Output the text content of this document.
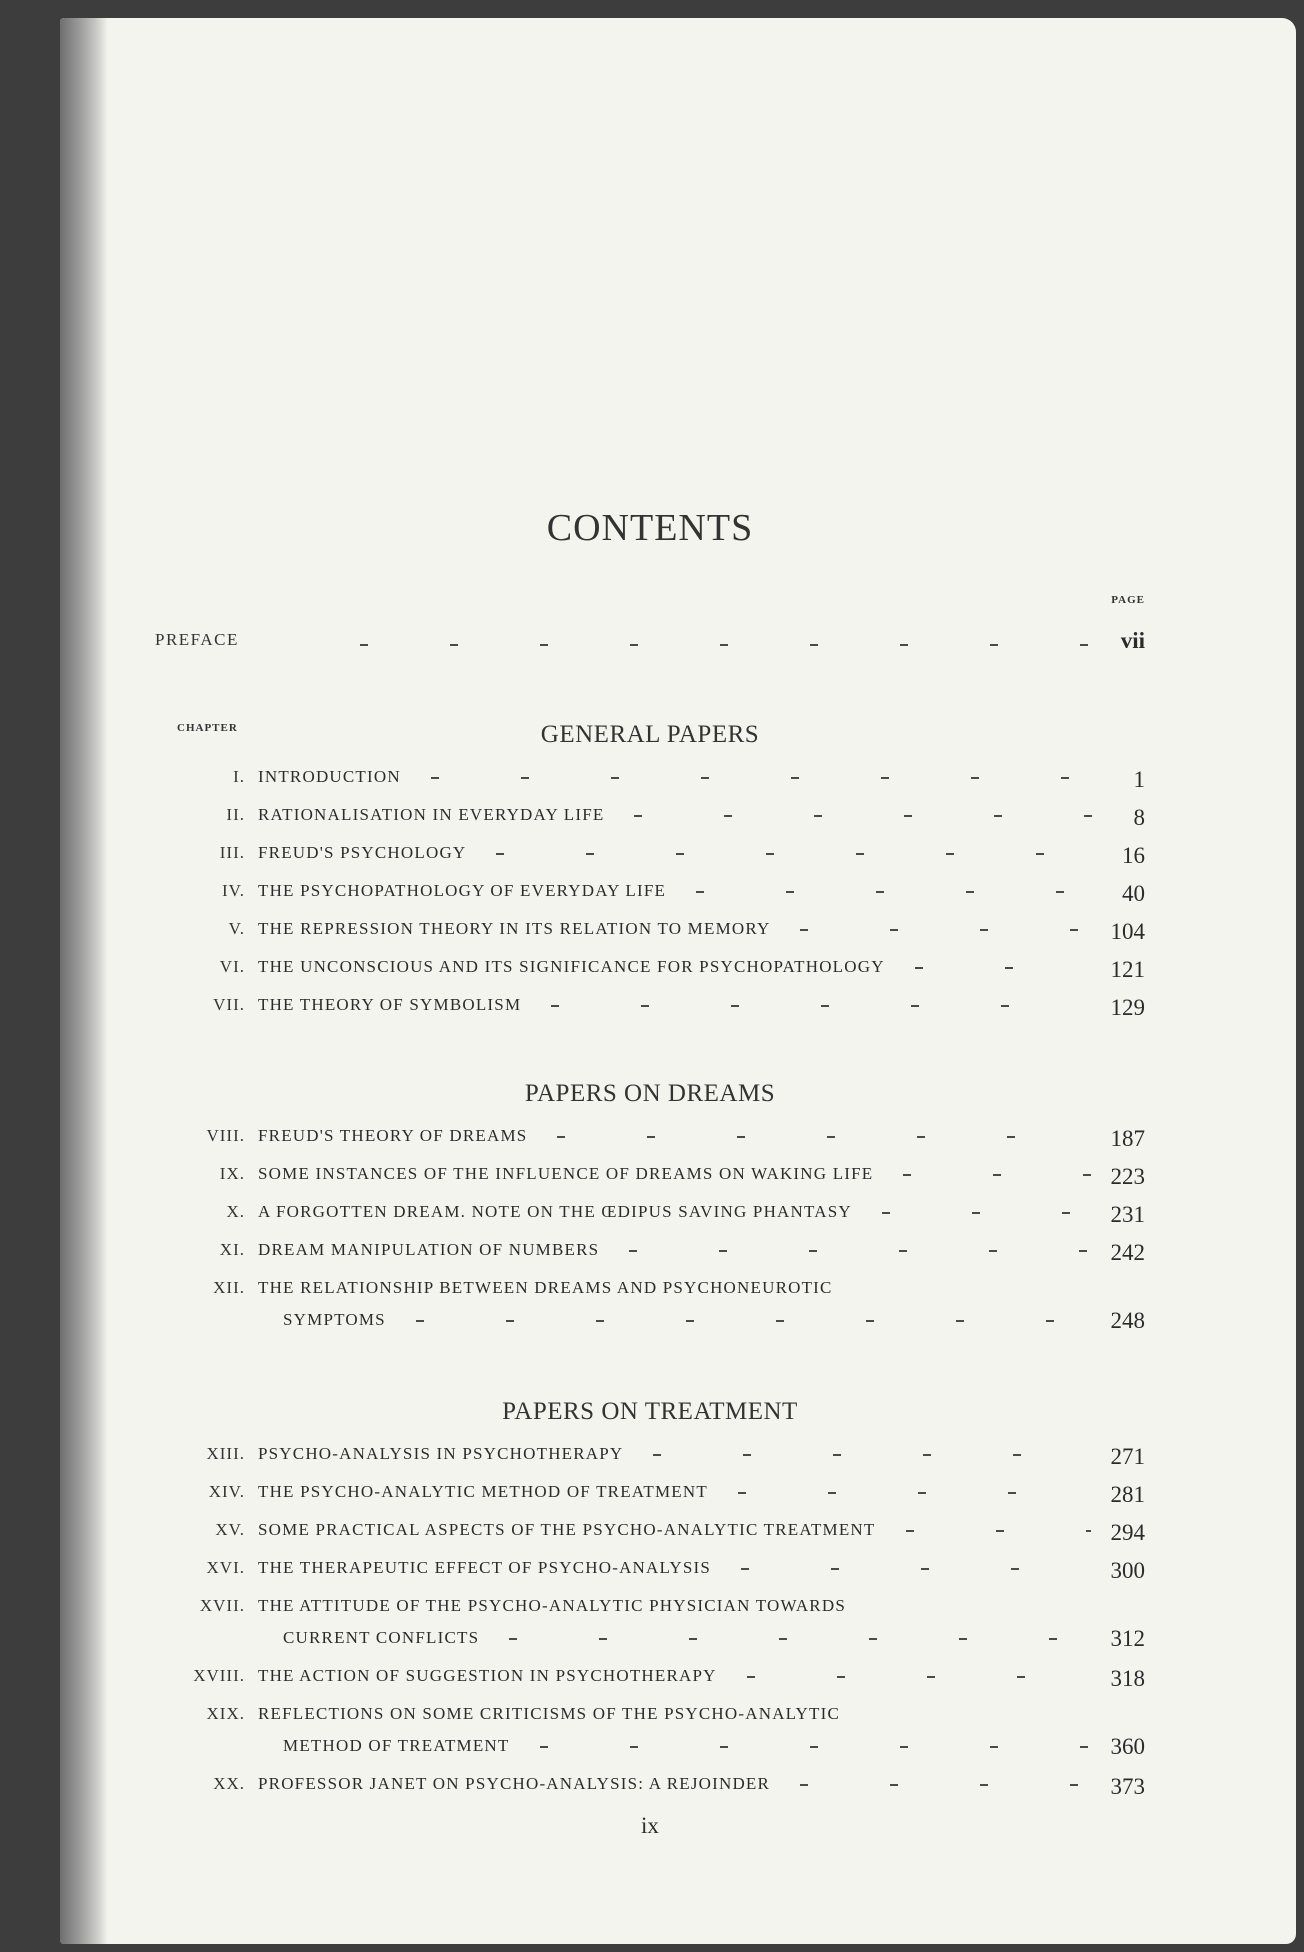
CONTENTS
PAGE
PREFACE	vii
CHAPTER	GENERAL PAPERS
I. INTRODUCTION	1
II. RATIONALISATION IN EVERYDAY LIFE	8
III. FREUD'S PSYCHOLOGY	16
IV. THE PSYCHOPATHOLOGY OF EVERYDAY LIFE	40
V. THE REPRESSION THEORY IN ITS RELATION TO MEMORY	104
VI. THE UNCONSCIOUS AND ITS SIGNIFICANCE FOR PSYCHOPATHOLOGY	121
VII. THE THEORY OF SYMBOLISM	129
PAPERS ON DREAMS
VIII. FREUD'S THEORY OF DREAMS	187
IX. SOME INSTANCES OF THE INFLUENCE OF DREAMS ON WAKING LIFE	223
X. A FORGOTTEN DREAM. NOTE ON THE ŒDIPUS SAVING PHANTASY	231
XI. DREAM MANIPULATION OF NUMBERS	242
XII. THE RELATIONSHIP BETWEEN DREAMS AND PSYCHONEUROTIC
SYMPTOMS	248
PAPERS ON TREATMENT
XIII. PSYCHO-ANALYSIS IN PSYCHOTHERAPY	271
XIV. THE PSYCHO-ANALYTIC METHOD OF TREATMENT	281
XV. SOME PRACTICAL ASPECTS OF THE PSYCHO-ANALYTIC TREATMENT	294
XVI. THE THERAPEUTIC EFFECT OF PSYCHO-ANALYSIS	300
XVII. THE ATTITUDE OF THE PSYCHO-ANALYTIC PHYSICIAN TOWARDS
CURRENT CONFLICTS	312
XVIII. THE ACTION OF SUGGESTION IN PSYCHOTHERAPY	318
XIX. REFLECTIONS ON SOME CRITICISMS OF THE PSYCHO-ANALYTIC
METHOD OF TREATMENT	360
XX. PROFESSOR JANET ON PSYCHO-ANALYSIS: A REJOINDER	373
ix
